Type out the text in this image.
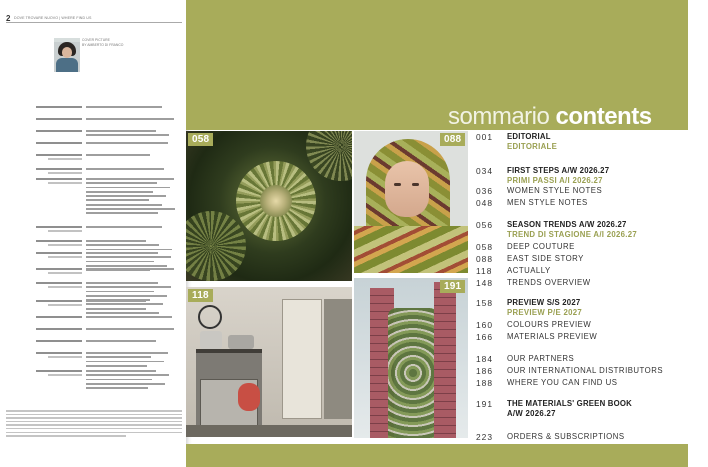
2 DOVE TROVARE NUOVO | WHERE FIND US
COVER PICTURE
BY AMBERTO DI FRANCO
sommario contents
058	088
118
191
001	EDITORIAL
EDITORIALE
034	FIRST STEPS A/W 2026.27
PRIMI PASSI A/I 2026.27
036	WOMEN STYLE NOTES
048	MEN STYLE NOTES
056	SEASON TRENDS A/W 2026.27
TREND DI STAGIONE A/I 2026.27
058	DEEP COUTURE
088	EAST SIDE STORY
118	ACTUALLY
148	TRENDS OVERVIEW
158	PREVIEW S/S 2027
PREVIEW P/E 2027
160	COLOURS PREVIEW
166	MATERIALS PREVIEW
184	OUR PARTNERS
186	OUR INTERNATIONAL DISTRIBUTORS
188	WHERE YOU CAN FIND US
191	THE MATERIALS' GREEN BOOK
A/W 2026.27
223	ORDERS & SUBSCRIPTIONS
